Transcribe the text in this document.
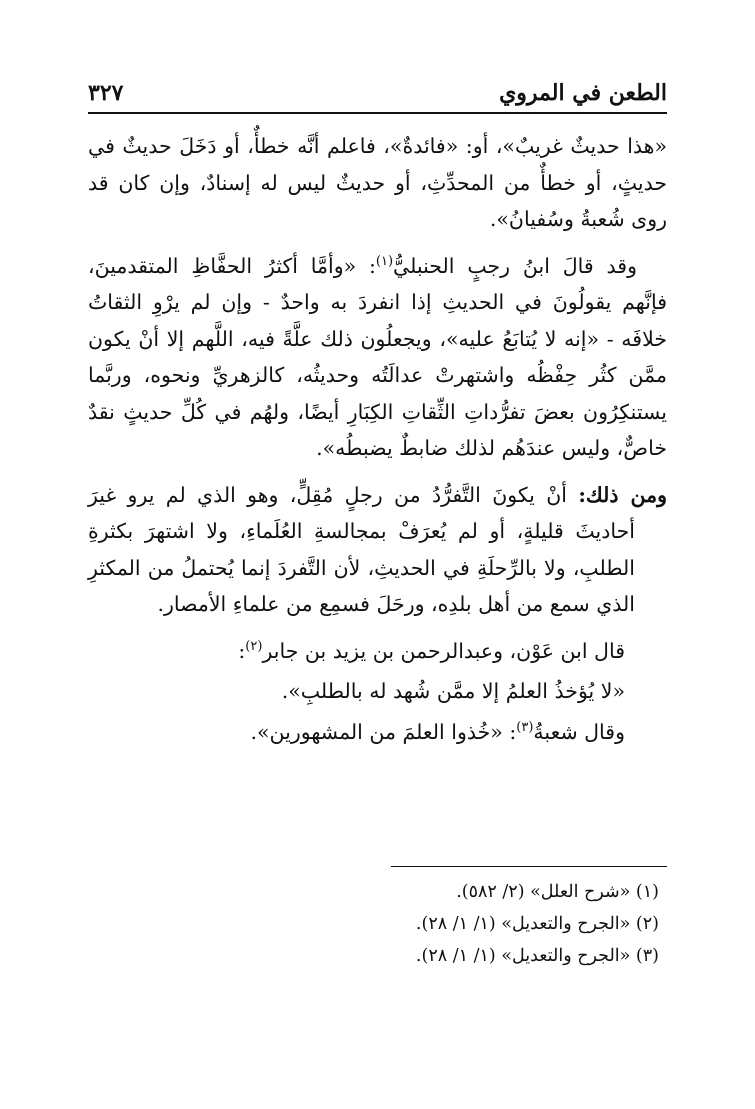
الطعن في المروي
٣٢٧

«هذا حديثٌ غريبٌ»، أو: «فائدةٌ»، فاعلم أنَّه خطأٌ، أو دَخَلَ حديثٌ في حديثٍ، أو خطأٌ من المحدِّثِ، أو حديثٌ ليس له إسنادٌ، وإن كان قد روى شُعبةُ وسُفيانُ».

وقد قالَ ابنُ رجبٍ الحنبليُّ$^{(١)}$: «وأمَّا أكثرُ الحفَّاظِ المتقدمينَ، فإنَّهم يقولُونَ في الحديثِ إذا انفردَ به واحدٌ - وإن لم يرْوِ الثقاتُ خلافَه - «إنه لا يُتابَعُ عليه»، ويجعلُون ذلك علَّةً فيه، اللَّهم إلا أنْ يكون ممَّن كثُر حِفْظُه واشتهرتْ عدالَتُه وحديثُه، كالزهريِّ ونحوه، وربَّما يستنكِرُون بعضَ تفرُّداتِ الثِّقاتِ الكِبَارِ أيضًا، ولهُم في كُلِّ حديثٍ نقدٌ خاصٌّ، وليس عندَهُم لذلك ضابطٌ يضبطُه».

ومن ذلك: أنْ يكونَ التَّفرُّدُ من رجلٍ مُقِلٍّ، وهو الذي لم يرو غيرَ أحاديثَ قليلةٍ، أو لم يُعرَفْ بمجالسةِ العُلَماءِ، ولا اشتهرَ بكثرةِ الطلبِ، ولا بالرِّحلَةِ في الحديثِ، لأن التَّفردَ إنما يُحتملُ من المكثرِ الذي سمع من أهل بلدِه، ورحَلَ فسمِع من علماءِ الأمصار.

قال ابن عَوْن، وعبدالرحمن بن يزيد بن جابر$^{(٢)}$:

«لا يُؤخذُ العلمُ إلا ممَّن شُهد له بالطلبِ».

وقال شعبةُ$^{(٣)}$: «خُذوا العلمَ من المشهورين».

(١) «شرح العلل» (٢/ ٥٨٢).

(٢) «الجرح والتعديل» (١/ ١/ ٢٨).

(٣) «الجرح والتعديل» (١/ ١/ ٢٨).
